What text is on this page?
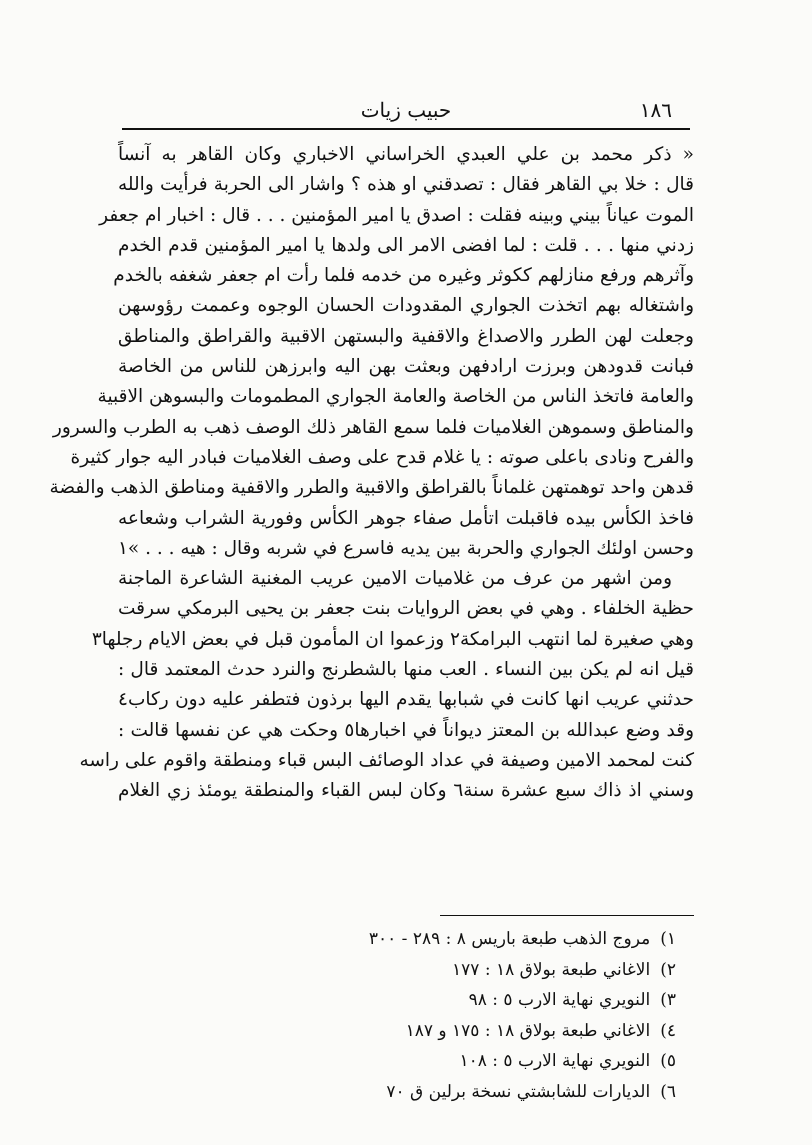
١٨٦
حبيب زيات
« ذكر محمد بن علي العبدي الخراساني الاخباري وكان القاهر به آنساً
قال : خلا بي القاهر فقال : تصدقني او هذه ؟ واشار الى الحربة فرأيت والله
الموت عياناً بيني وبينه فقلت : اصدق يا امير المؤمنين . . . قال : اخبار ام جعفر
زدني منها . . . قلت : لما افضى الامر الى ولدها يا امير المؤمنين قدم الخدم
وآثرهم ورفع منازلهم ككوثر وغيره من خدمه فلما رأت ام جعفر شغفه بالخدم
واشتغاله بهم اتخذت الجواري المقدودات الحسان الوجوه وعممت رؤوسهن
وجعلت لهن الطرر والاصداغ والاقفية والبستهن الاقبية والقراطق والمناطق
فبانت قدودهن وبرزت ارادفهن وبعثت بهن اليه وابرزهن للناس من الخاصة
والعامة فاتخذ الناس من الخاصة والعامة الجواري المطمومات والبسوهن الاقبية
والمناطق وسموهن الغلاميات فلما سمع القاهر ذلك الوصف ذهب به الطرب والسرور
والفرح ونادى باعلى صوته : يا غلام قدح على وصف الغلاميات فبادر اليه جوار كثيرة
قدهن واحد توهمتهن غلماناً بالقراطق والاقبية والطرر والاقفية ومناطق الذهب والفضة
فاخذ الكأس بيده فاقبلت اتأمل صفاء جوهر الكأس وفورية الشراب وشعاعه
وحسن اولئك الجواري والحربة بين يديه فاسرع في شربه وقال : هيه . . . »١
ومن اشهر من عرف من غلاميات الامين عريب المغنية الشاعرة الماجنة
حظية الخلفاء . وهي في بعض الروايات بنت جعفر بن يحيى البرمكي سرقت
وهي صغيرة لما انتهب البرامكة٢ وزعموا ان المأمون قبل في بعض الايام رجلها٣
قيل انه لم يكن بين النساء . العب منها بالشطرنج والنرد حدث المعتمد قال :
حدثني عريب انها كانت في شبابها يقدم اليها برذون فتطفر عليه دون ركاب٤
وقد وضع عبدالله بن المعتز ديواناً في اخبارها٥ وحكت هي عن نفسها قالت :
كنت لمحمد الامين وصيفة في عداد الوصائف البس قباء ومنطقة واقوم على راسه
وسني اذ ذاك سبع عشرة سنة٦ وكان لبس القباء والمنطقة يومئذ زي الغلام
١)مروج الذهب طبعة باريس ٨ : ٢٨٩ - ٣٠٠
٢)الاغاني طبعة بولاق ١٨ : ١٧٧
٣)النويري نهاية الارب ٥ : ٩٨
٤)الاغاني طبعة بولاق ١٨ : ١٧٥ و ١٨٧
٥)النويري نهاية الارب ٥ : ١٠٨
٦)الديارات للشابشتي نسخة برلين ق ٧٠
